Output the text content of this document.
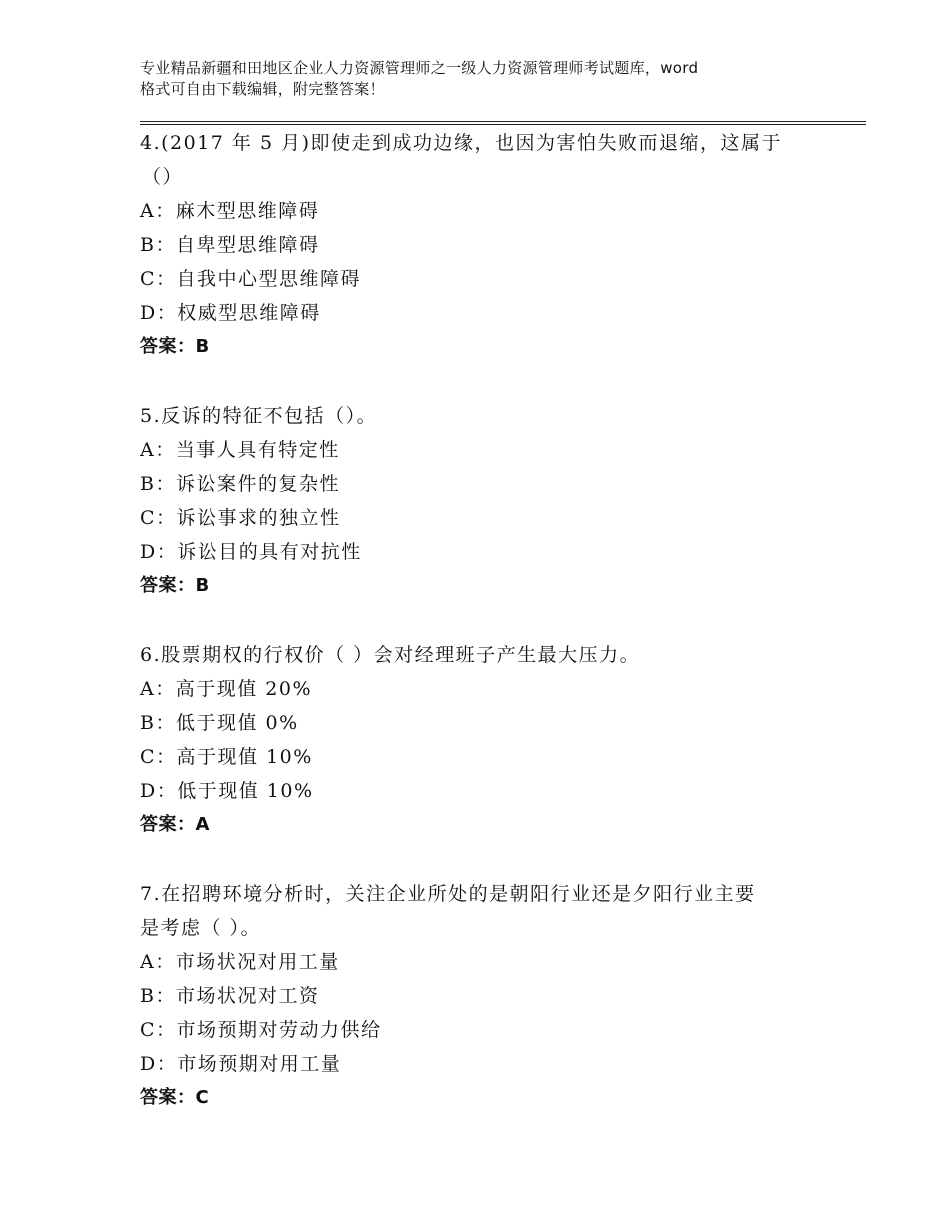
专业精品新疆和田地区企业人力资源管理师之一级人力资源管理师考试题库，word
格式可自由下载编辑，附完整答案！
4.(2017 年 5 月)即使走到成功边缘，也因为害怕失败而退缩，这属于
（）
A：麻木型思维障碍
B：自卑型思维障碍
C：自我中心型思维障碍
D：权威型思维障碍
答案：B
5.反诉的特征不包括（）。
A：当事人具有特定性
B：诉讼案件的复杂性
C：诉讼事求的独立性
D：诉讼目的具有对抗性
答案：B
6.股票期权的行权价（ ）会对经理班子产生最大压力。
A：高于现值 20%
B：低于现值 0%
C：高于现值 10%
D：低于现值 10%
答案：A
7.在招聘环境分析时，关注企业所处的是朝阳行业还是夕阳行业主要
是考虑（ ）。
A：市场状况对用工量
B：市场状况对工资
C：市场预期对劳动力供给
D：市场预期对用工量
答案：C
